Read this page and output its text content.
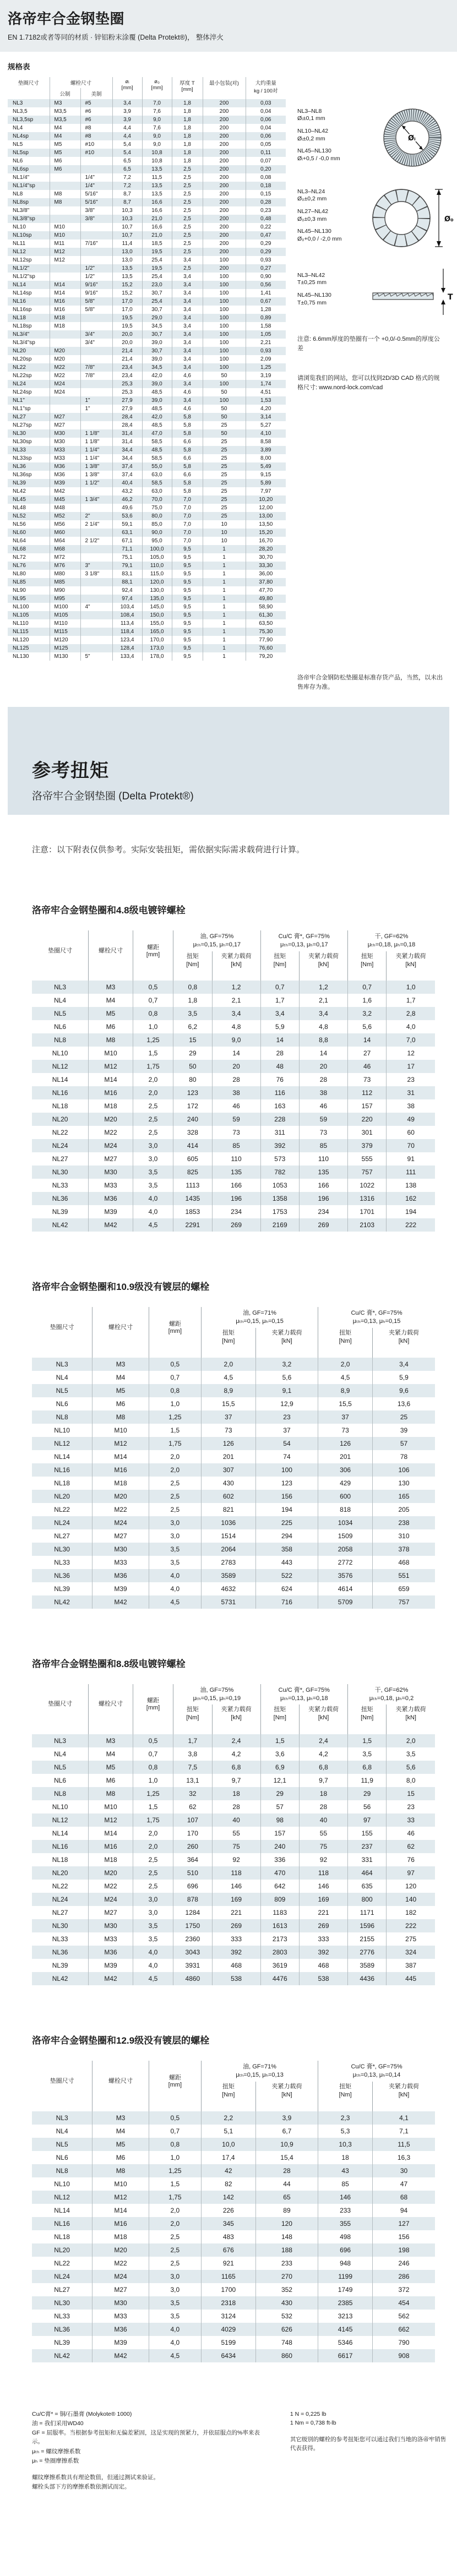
洛帝牢合金钢垫圈
EN 1.7182或者等同的材质 · 锌铝粉末涂覆 (Delta Protekt®)， 整体淬火
规格表
垫圈尺寸	螺栓尺寸	øᵢ
[mm]

ø₀
[mm]

厚度 T
[mm]
	最小包装(对)	大约重量
kg / 100对

	公制	美制					
NL3	M3	#5	3,4	7,0	1,8	200	0,03
NL3,5	M3,5	#6	3,9	7,6	1,8	200	0,04
NL3,5sp	M3,5	#6	3,9	9,0	1,8	200	0,06
NL4	M4	#8	4,4	7,6	1,8	200	0,04
NL4sp	M4	#8	4,4	9,0	1,8	200	0,06
NL5	M5	#10	5,4	9,0	1,8	200	0,05
NL5sp	M5	#10	5,4	10,8	1,8	200	0,11
NL6	M6		6,5	10,8	1,8	200	0,07
NL6sp	M6		6,5	13,5	2,5	200	0,20
NL1/4"		1/4"	7,2	11,5	2,5	200	0,08
NL1/4"sp		1/4"	7,2	13,5	2,5	200	0,18
NL8	M8	5/16"	8,7	13,5	2,5	200	0,15
NL8sp	M8	5/16"	8,7	16,6	2,5	200	0,28
NL3/8"		3/8"	10,3	16,6	2,5	200	0,23
NL3/8"sp		3/8"	10,3	21,0	2,5	200	0,48
NL10	M10		10,7	16,6	2,5	200	0,22
NL10sp	M10		10,7	21,0	2,5	200	0,47
NL11	M11	7/16"	11,4	18,5	2,5	200	0,29
NL12	M12		13,0	19,5	2,5	200	0,29
NL12sp	M12		13,0	25,4	3,4	100	0,93
NL1/2"		1/2"	13,5	19,5	2,5	200	0,27
NL1/2"sp		1/2"	13,5	25,4	3,4	100	0,90
NL14	M14	9/16"	15,2	23,0	3,4	100	0,56
NL14sp	M14	9/16"	15,2	30,7	3,4	100	1,41
NL16	M16	5/8"	17,0	25,4	3,4	100	0,67
NL16sp	M16	5/8"	17,0	30,7	3,4	100	1,28
NL18	M18		19,5	29,0	3,4	100	0,89
NL18sp	M18		19,5	34,5	3,4	100	1,58
NL3/4"		3/4"	20,0	30,7	3,4	100	1,05
NL3/4"sp		3/4"	20,0	39,0	3,4	100	2,21
NL20	M20		21,4	30,7	3,4	100	0,93
NL20sp	M20		21,4	39,0	3,4	100	2,09
NL22	M22	7/8"	23,4	34,5	3,4	100	1,25
NL22sp	M22	7/8"	23,4	42,0	4,6	50	3,19
NL24	M24		25,3	39,0	3,4	100	1,74
NL24sp	M24		25,3	48,5	4,6	50	4,51
NL1"		1"	27,9	39,0	3,4	100	1,53
NL1"sp		1"	27,9	48,5	4,6	50	4,20
NL27	M27		28,4	42,0	5,8	50	3,14
NL27sp	M27		28,4	48,5	5,8	25	5,27
NL30	M30	1 1/8"	31,4	47,0	5,8	50	4,10
NL30sp	M30	1 1/8"	31,4	58,5	6,6	25	8,58
NL33	M33	1 1/4"	34,4	48,5	5,8	25	3,89
NL33sp	M33	1 1/4"	34,4	58,5	6,6	25	8,00
NL36	M36	1 3/8"	37,4	55,0	5,8	25	5,49
NL36sp	M36	1 3/8"	37,4	63,0	6,6	25	9,15
NL39	M39	1 1/2"	40,4	58,5	5,8	25	5,89
NL42	M42		43,2	63,0	5,8	25	7,97
NL45	M45	1 3/4"	46,2	70,0	7,0	25	10,20
NL48	M48		49,6	75,0	7,0	25	12,00
NL52	M52	2"	53,6	80,0	7,0	25	13,00
NL56	M56	2 1/4"	59,1	85,0	7,0	10	13,50
NL60	M60		63,1	90,0	7,0	10	15,20
NL64	M64	2 1/2"	67,1	95,0	7,0	10	16,70
NL68	M68		71,1	100,0	9,5	1	28,20
NL72	M72		75,1	105,0	9,5	1	30,70
NL76	M76	3"	79,1	110,0	9,5	1	33,30
NL80	M80	3 1/8"	83,1	115,0	9,5	1	36,00
NL85	M85		88,1	120,0	9,5	1	37,80
NL90	M90		92,4	130,0	9,5	1	47,70
NL95	M95		97,4	135,0	9,5	1	49,80
NL100	M100	4"	103,4	145,0	9,5	1	58,90
NL105	M105		108,4	150,0	9,5	1	61,30
NL110	M110		113,4	155,0	9,5	1	63,50
NL115	M115		118,4	165,0	9,5	1	75,30
NL120	M120		123,4	170,0	9,5	1	77,90
NL125	M125		128,4	173,0	9,5	1	76,60
NL130	M130	5"	133,4	178,0	9,5	1	79,20
NL3–NL8
Øᵢ±0,1 mm
NL10–NL42
Øᵢ±0,2 mm
NL45–NL130
Øᵢ+0,5 / -0,0 mm
Øᵢ
NL3–NL24
Ø₀±0,2 mm
NL27–NL42
Ø₀±0,3 mm
NL45–NL130
Ø₀+0,0 / -2,0 mm
Ø₀
NL3–NL42
T±0,25 mm
NL45–NL130
T±0,75 mm
T
注意: 6.6mm厚度的垫圈有一个 +0,0/-0.5mm的厚度公差
请浏览我们的网站，您可以找到2D/3D CAD 格式的规格尺寸: www.nord-lock.com/cad
洛帝牢合金钢防松垫圈是标准存货产品，当然，以未出售库存为准。
参考扭矩
洛帝牢合金钢垫圈 (Delta Protekt®)
注意：以下附表仅供参考。实际安装扭矩，需依据实际需求载荷进行计算。
洛帝牢合金钢垫圈和4.8级电镀锌螺栓
垫圈尺寸	螺栓尺寸	螺距
[mm]

油, GF=75%
μₜₕ=0,15, μₕ=0,17

Cu/C 膏*, GF=75%
μₜₕ=0,13, μₕ=0,17

干, GF=62%
μₜₕ=0,18, μₕ=0,18

扭矩
[Nm]

夹紧力载荷
[kN]

扭矩
[Nm]

夹紧力载荷
[kN]

扭矩
[Nm]

夹紧力载荷
[kN]

NL3	M3	0,5	0,8	1,2	0,7	1,2	0,7	1,0
NL4	M4	0,7	1,8	2,1	1,7	2,1	1,6	1,7
NL5	M5	0,8	3,5	3,4	3,4	3,4	3,2	2,8
NL6	M6	1,0	6,2	4,8	5,9	4,8	5,6	4,0
NL8	M8	1,25	15	9,0	14	8,8	14	7,0
NL10	M10	1,5	29	14	28	14	27	12
NL12	M12	1,75	50	20	48	20	46	17
NL14	M14	2,0	80	28	76	28	73	23
NL16	M16	2,0	123	38	116	38	112	31
NL18	M18	2,5	172	46	163	46	157	38
NL20	M20	2,5	240	59	228	59	220	49
NL22	M22	2,5	328	73	311	73	301	60
NL24	M24	3,0	414	85	392	85	379	70
NL27	M27	3,0	605	110	573	110	555	91
NL30	M30	3,5	825	135	782	135	757	111
NL33	M33	3,5	1113	166	1053	166	1022	138
NL36	M36	4,0	1435	196	1358	196	1316	162
NL39	M39	4,0	1853	234	1753	234	1701	194
NL42	M42	4,5	2291	269	2169	269	2103	222
洛帝牢合金钢垫圈和10.9级没有镀层的螺栓
垫圈尺寸	螺栓尺寸	螺距
[mm]

油, GF=71%
μₜₕ=0,15, μₕ=0,15

Cu/C 膏*, GF=75%
μₜₕ=0,13, μₕ=0,15

扭矩
[Nm]

夹紧力载荷
[kN]

扭矩
[Nm]

夹紧力载荷
[kN]

NL3	M3	0,5	2,0	3,2	2,0	3,4
NL4	M4	0,7	4,5	5,6	4,5	5,9
NL5	M5	0,8	8,9	9,1	8,9	9,6
NL6	M6	1,0	15,5	12,9	15,5	13,6
NL8	M8	1,25	37	23	37	25
NL10	M10	1,5	73	37	73	39
NL12	M12	1,75	126	54	126	57
NL14	M14	2,0	201	74	201	78
NL16	M16	2,0	307	100	306	106
NL18	M18	2,5	430	123	429	130
NL20	M20	2,5	602	156	600	165
NL22	M22	2,5	821	194	818	205
NL24	M24	3,0	1036	225	1034	238
NL27	M27	3,0	1514	294	1509	310
NL30	M30	3,5	2064	358	2058	378
NL33	M33	3,5	2783	443	2772	468
NL36	M36	4,0	3589	522	3576	551
NL39	M39	4,0	4632	624	4614	659
NL42	M42	4,5	5731	716	5709	757
洛帝牢合金钢垫圈和8.8级电镀锌螺栓
垫圈尺寸	螺栓尺寸	螺距
[mm]

油, GF=75%
μₜₕ=0,15, μₕ=0,19

Cu/C 膏*, GF=75%
μₜₕ=0,13, μₕ=0,18

干, GF=62%
μₜₕ=0,18, μₕ=0,2

扭矩
[Nm]

夹紧力载荷
[kN]

扭矩
[Nm]

夹紧力载荷
[kN]

扭矩
[Nm]

夹紧力载荷
[kN]

NL3	M3	0,5	1,7	2,4	1,5	2,4	1,5	2,0
NL4	M4	0,7	3,8	4,2	3,6	4,2	3,5	3,5
NL5	M5	0,8	7,5	6,8	6,9	6,8	6,8	5,6
NL6	M6	1,0	13,1	9,7	12,1	9,7	11,9	8,0
NL8	M8	1,25	32	18	29	18	29	15
NL10	M10	1,5	62	28	57	28	56	23
NL12	M12	1,75	107	40	98	40	97	33
NL14	M14	2,0	170	55	157	55	155	46
NL16	M16	2,0	260	75	240	75	237	62
NL18	M18	2,5	364	92	336	92	331	76
NL20	M20	2,5	510	118	470	118	464	97
NL22	M22	2,5	696	146	642	146	635	120
NL24	M24	3,0	878	169	809	169	800	140
NL27	M27	3,0	1284	221	1183	221	1171	182
NL30	M30	3,5	1750	269	1613	269	1596	222
NL33	M33	3,5	2360	333	2173	333	2155	275
NL36	M36	4,0	3043	392	2803	392	2776	324
NL39	M39	4,0	3931	468	3619	468	3589	387
NL42	M42	4,5	4860	538	4476	538	4436	445
洛帝牢合金钢垫圈和12.9级没有镀层的螺栓
垫圈尺寸	螺栓尺寸	螺距
[mm]

油, GF=71%
μₜₕ=0,15, μₕ=0,13

Cu/C 膏*, GF=75%
μₜₕ=0,13, μₕ=0,14

扭矩
[Nm]

夹紧力载荷
[kN]

扭矩
[Nm]

夹紧力载荷
[kN]

NL3	M3	0,5	2,2	3,9	2,3	4,1
NL4	M4	0,7	5,1	6,7	5,3	7,1
NL5	M5	0,8	10,0	10,9	10,3	11,5
NL6	M6	1,0	17,4	15,4	18	16,3
NL8	M8	1,25	42	28	43	30
NL10	M10	1,5	82	44	85	47
NL12	M12	1,75	142	65	146	68
NL14	M14	2,0	226	89	233	94
NL16	M16	2,0	345	120	355	127
NL18	M18	2,5	483	148	498	156
NL20	M20	2,5	676	188	696	198
NL22	M22	2,5	921	233	948	246
NL24	M24	3,0	1165	270	1199	286
NL27	M27	3,0	1700	352	1749	372
NL30	M30	3,5	2318	430	2385	454
NL33	M33	3,5	3124	532	3213	562
NL36	M36	4,0	4029	626	4145	662
NL39	M39	4,0	5199	748	5346	790
NL42	M42	4,5	6434	860	6617	908
Cu/C膏* = 铜/石墨膏 (Molykote® 1000)
油 = 我们采用WD40
GF = 屈服率。当根据参考扭矩和无偏差紧固，这是实现的预紧力，并依屈服点的%率来表示。
μₜₕ = 螺纹摩擦系数
μₕ = 垫圈摩擦系数
螺纹摩擦系数具有理论数值，但通过测试来验证。
螺栓头部下方的摩擦系数依测试而定。
1 N = 0,225 lb
1 Nm = 0,738 ft-lb
其它级别的螺栓的参考扭矩您可以通过我们当地的洛帝牢销售代表获得。
